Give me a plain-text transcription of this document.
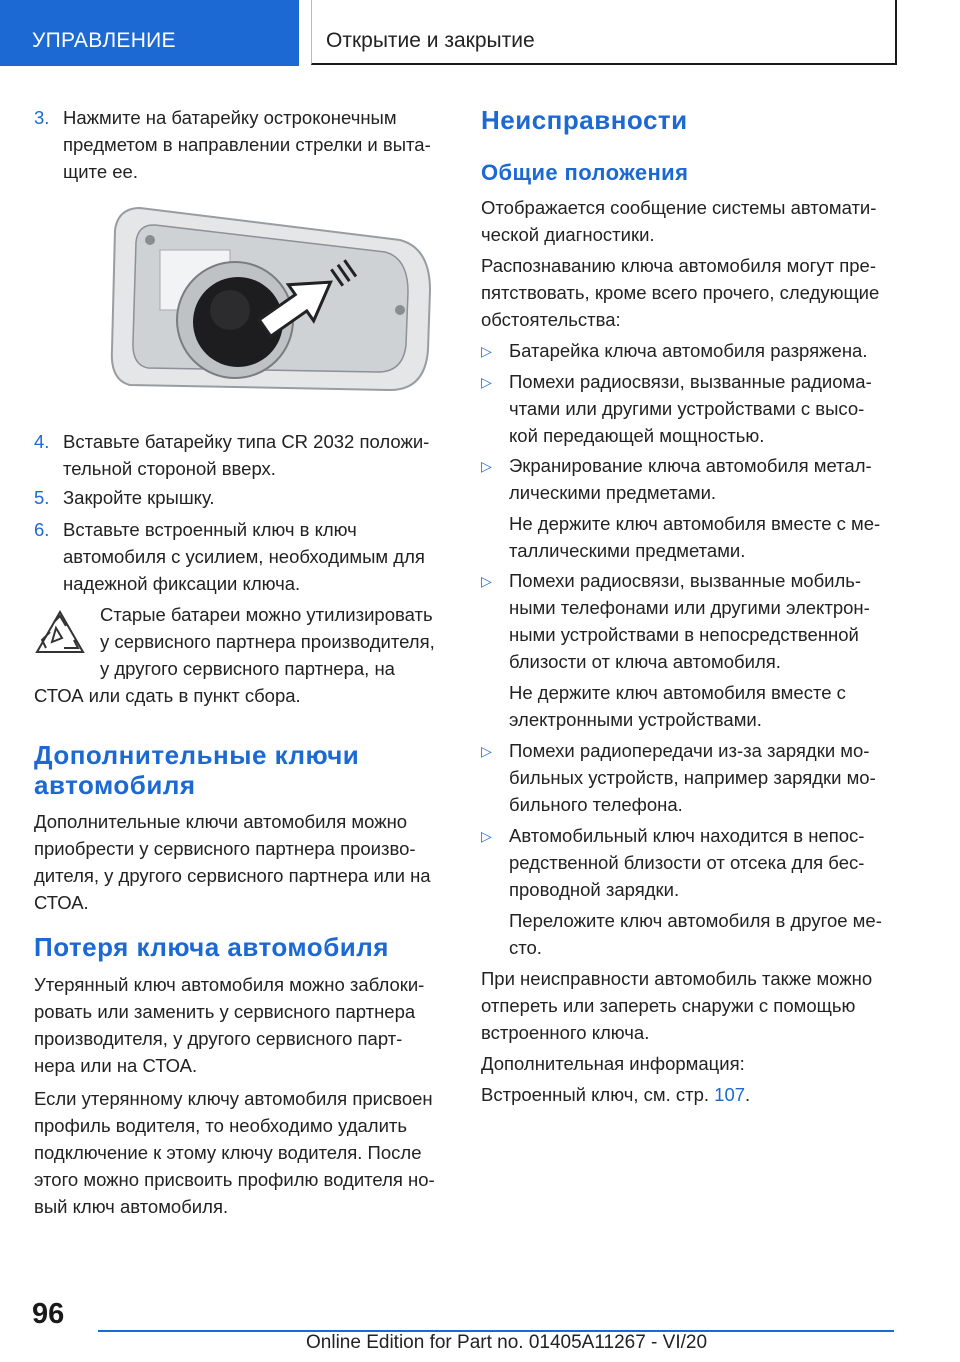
УПРАВЛЕНИЕ	Открытие и закрытие
3. Нажмите на батарейку остроконечным
предметом в направлении стрелки и выта-
щите ее.
4. Вставьте батарейку типа CR 2032 положи-
тельной стороной вверх.
5. Закройте крышку.
6. Вставьте встроенный ключ в ключ
автомобиля с усилием, необходимым для
надежной фиксации ключа.
Старые батареи можно утилизировать
у сервисного партнера производителя,
у другого сервисного партнера, на
СТОА или сдать в пункт сбора.
Дополнительные ключи
автомобиля
Дополнительные ключи автомобиля можно
приобрести у сервисного партнера произво-
дителя, у другого сервисного партнера или на
СТОА.
Потеря ключа автомобиля
Утерянный ключ автомобиля можно заблоки-
ровать или заменить у сервисного партнера
производителя, у другого сервисного парт-
нера или на СТОА.
Если утерянному ключу автомобиля присвоен
профиль водителя, то необходимо удалить
подключение к этому ключу водителя. После
этого можно присвоить профилю водителя но-
вый ключ автомобиля.
Неисправности
Общие положения
Отображается сообщение системы автомати-
ческой диагностики.
Распознаванию ключа автомобиля могут пре-
пятствовать, кроме всего прочего, следующие
обстоятельства:
▷ Батарейка ключа автомобиля разряжена.
▷ Помехи радиосвязи, вызванные радиома-
чтами или другими устройствами с высо-
кой передающей мощностью.
▷ Экранирование ключа автомобиля метал-
лическими предметами.
Не держите ключ автомобиля вместе с ме-
таллическими предметами.
▷ Помехи радиосвязи, вызванные мобиль-
ными телефонами или другими электрон-
ными устройствами в непосредственной
близости от ключа автомобиля.
Не держите ключ автомобиля вместе с
электронными устройствами.
▷ Помехи радиопередачи из-за зарядки мо-
бильных устройств, например зарядки мо-
бильного телефона.
▷ Автомобильный ключ находится в непос-
редственной близости от отсека для бес-
проводной зарядки.
Переложите ключ автомобиля в другое ме-
сто.
При неисправности автомобиль также можно
отпереть или запереть снаружи с помощью
встроенного ключа.
Дополнительная информация:
Встроенный ключ, см. стр. 107.
96
Online Edition for Part no. 01405A11267 - VI/20
